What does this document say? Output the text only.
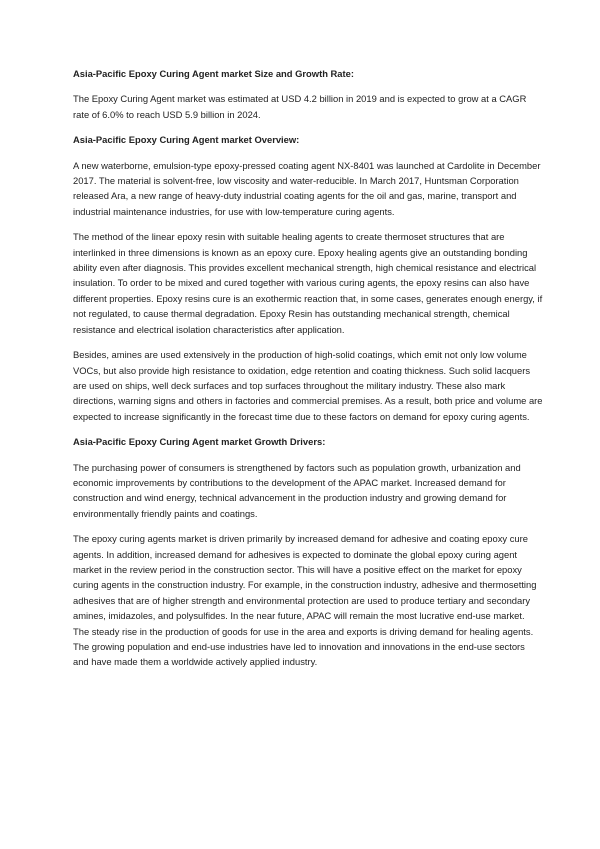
Asia-Pacific Epoxy Curing Agent market Size and Growth Rate:

The Epoxy Curing Agent market was estimated at USD 4.2 billion in 2019 and is expected to grow at a CAGR rate of 6.0% to reach USD 5.9 billion in 2024.

Asia-Pacific Epoxy Curing Agent market Overview:

A new waterborne, emulsion-type epoxy-pressed coating agent NX-8401 was launched at Cardolite in December 2017. The material is solvent-free, low viscosity and water-reducible. In March 2017, Huntsman Corporation released Ara, a new range of heavy-duty industrial coating agents for the oil and gas, marine, transport and industrial maintenance industries, for use with low-temperature curing agents.

The method of the linear epoxy resin with suitable healing agents to create thermoset structures that are interlinked in three dimensions is known as an epoxy cure. Epoxy healing agents give an outstanding bonding ability even after diagnosis. This provides excellent mechanical strength, high chemical resistance and electrical insulation. To order to be mixed and cured together with various curing agents, the epoxy resins can also have different properties. Epoxy resins cure is an exothermic reaction that, in some cases, generates enough energy, if not regulated, to cause thermal degradation. Epoxy Resin has outstanding mechanical strength, chemical resistance and electrical isolation characteristics after application.

Besides, amines are used extensively in the production of high-solid coatings, which emit not only low volume VOCs, but also provide high resistance to oxidation, edge retention and coating thickness. Such solid lacquers are used on ships, well deck surfaces and top surfaces throughout the military industry. These also mark directions, warning signs and others in factories and commercial premises. As a result, both price and volume are expected to increase significantly in the forecast time due to these factors on demand for epoxy curing agents.

Asia-Pacific Epoxy Curing Agent market Growth Drivers:

The purchasing power of consumers is strengthened by factors such as population growth, urbanization and economic improvements by contributions to the development of the APAC market. Increased demand for construction and wind energy, technical advancement in the production industry and growing demand for environmentally friendly paints and coatings.

The epoxy curing agents market is driven primarily by increased demand for adhesive and coating epoxy cure agents. In addition, increased demand for adhesives is expected to dominate the global epoxy curing agent market in the review period in the construction sector. This will have a positive effect on the market for epoxy curing agents in the construction industry. For example, in the construction industry, adhesive and thermosetting adhesives that are of higher strength and environmental protection are used to produce tertiary and secondary amines, imidazoles, and polysulfides. In the near future, APAC will remain the most lucrative end-use market. The steady rise in the production of goods for use in the area and exports is driving demand for healing agents. The growing population and end-use industries have led to innovation and innovations in the end-use sectors and have made them a worldwide actively applied industry.
